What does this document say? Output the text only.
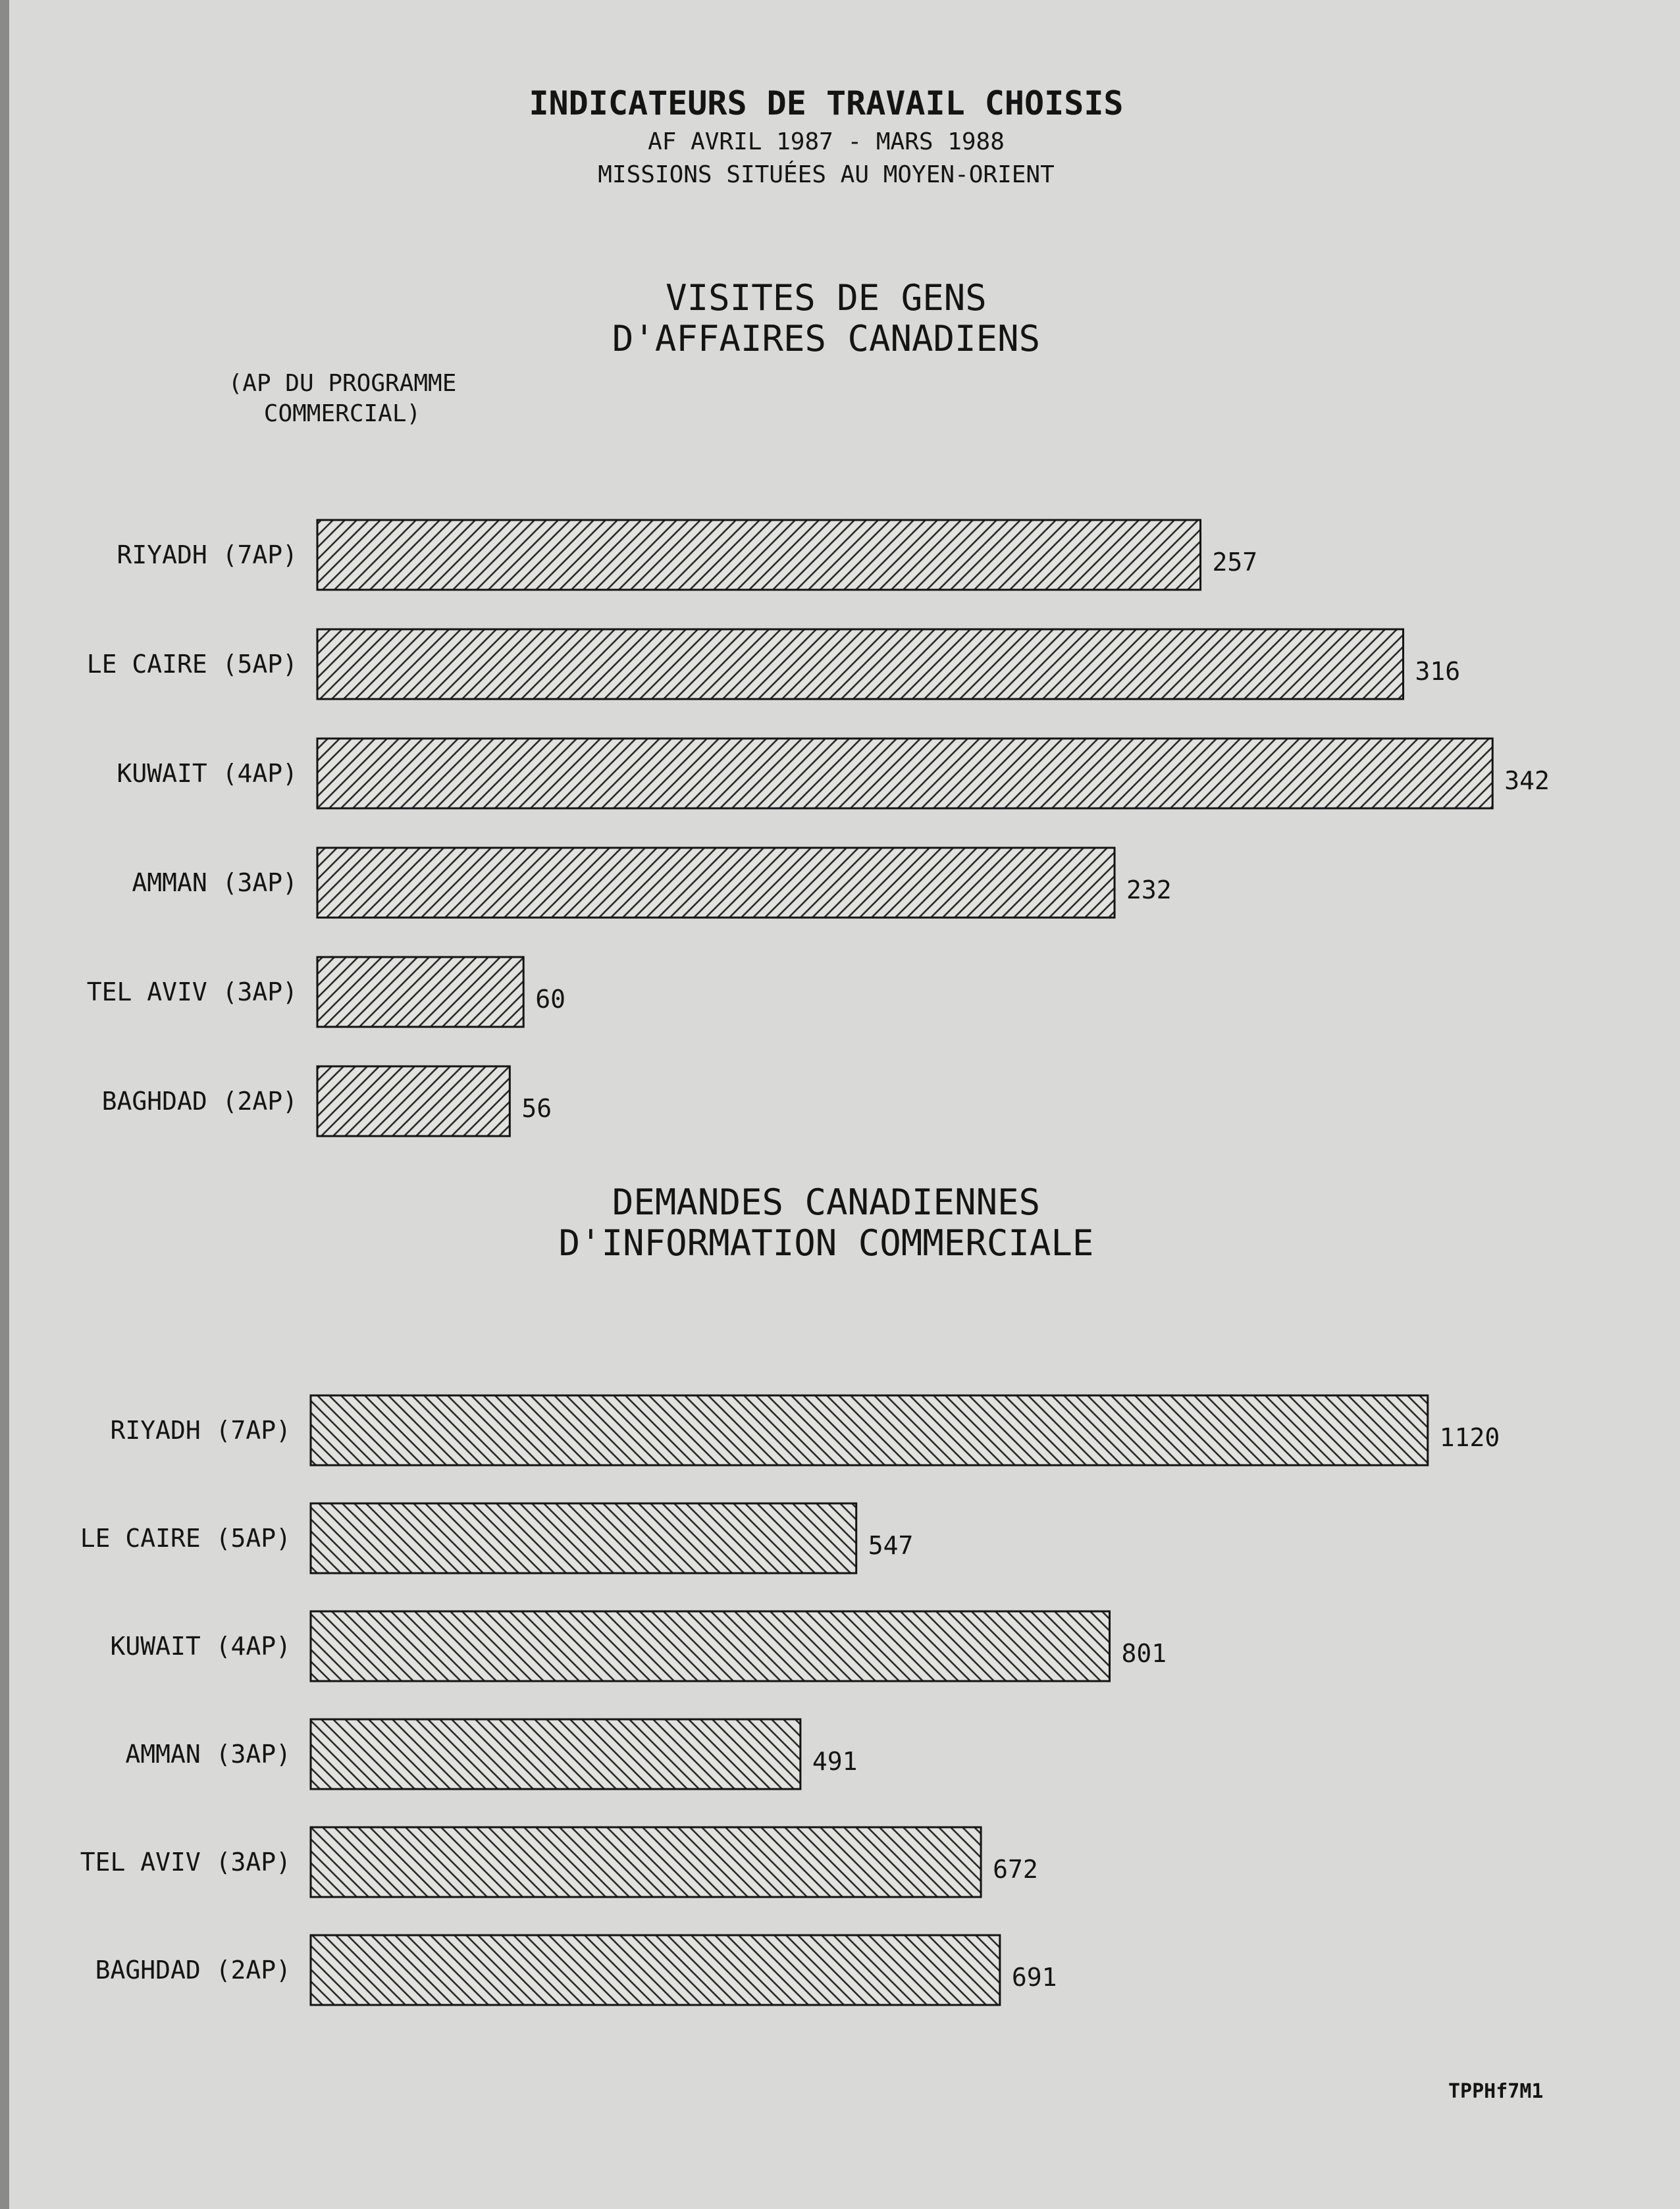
INDICATEURS DE TRAVAIL CHOISIS
AF AVRIL 1987 - MARS 1988
MISSIONS SITUÉES AU MOYEN-ORIENT
VISITES DE GENS
D'AFFAIRES CANADIENS
(AP DU PROGRAMME
COMMERCIAL)
DEMANDES CANADIENNES
D'INFORMATION COMMERCIALE
RIYADH (7AP)	257
LE CAIRE (5AP)	316
KUWAIT (4AP)	342
AMMAN (3AP)	232
TEL AVIV (3AP)	60
BAGHDAD (2AP)	56
RIYADH (7AP)	1120
LE CAIRE (5AP)	547
KUWAIT (4AP)	801
AMMAN (3AP)	491
TEL AVIV (3AP)	672
BAGHDAD (2AP)	691
TPPHf7M1
